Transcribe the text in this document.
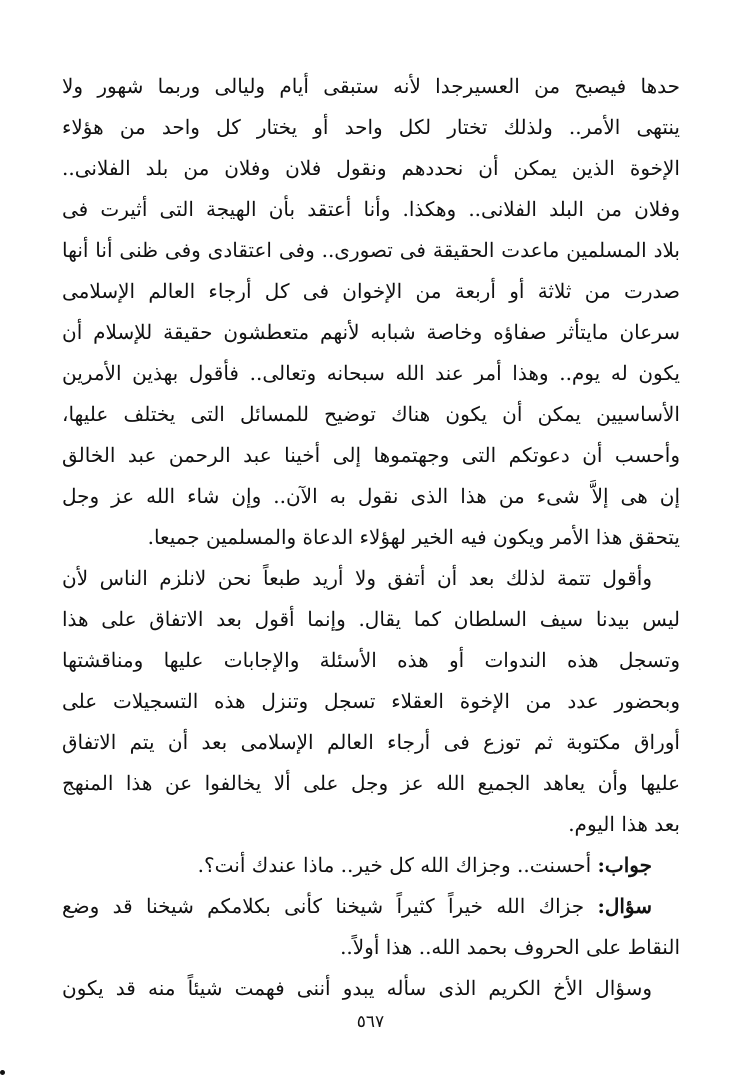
حدها فيصبح من العسيرجدا لأنه ستبقى أيام وليالى وربما شهور ولا
ينتهى الأمر.. ولذلك تختار لكل واحد أو يختار كل واحد من هؤلاء
الإخوة الذين يمكن أن نحددهم ونقول فلان وفلان من بلد الفلانى..
وفلان من البلد الفلانى.. وهكذا. وأنا أعتقد بأن الهيجة التى أثيرت فى
بلاد المسلمين ماعدت الحقيقة فى تصورى.. وفى اعتقادى وفى ظنى أنا أنها
صدرت من ثلاثة أو أربعة من الإخوان فى كل أرجاء العالم الإسلامى
سرعان مايتأثر صفاؤه وخاصة شبابه لأنهم متعطشون حقيقة للإسلام أن
يكون له يوم.. وهذا أمر عند الله سبحانه وتعالى.. فأقول بهذين الأمرين
الأساسيين يمكن أن يكون هناك توضيح للمسائل التى يختلف عليها،
وأحسب أن دعوتكم التى وجهتموها إلى أخينا عبد الرحمن عبد الخالق
إن هى إلاَّ شىء من هذا الذى نقول به الآن.. وإن شاء الله عز وجل
يتحقق هذا الأمر ويكون فيه الخير لهؤلاء الدعاة والمسلمين جميعا.
وأقول تتمة لذلك بعد أن أتفق ولا أريد طبعاً نحن لانلزم الناس لأن
ليس بيدنا سيف السلطان كما يقال. وإنما أقول بعد الاتفاق على هذا
وتسجل هذه الندوات أو هذه الأسئلة والإجابات عليها ومناقشتها
وبحضور عدد من الإخوة العقلاء تسجل وتنزل هذه التسجيلات على
أوراق مكتوبة ثم توزع فى أرجاء العالم الإسلامى بعد أن يتم الاتفاق
عليها وأن يعاهد الجميع الله عز وجل على ألا يخالفوا عن هذا المنهج
بعد هذا اليوم.
جواب: أحسنت.. وجزاك الله كل خير.. ماذا عندك أنت؟.
سؤال: جزاك الله خيراً كثيراً شيخنا كأنى بكلامكم شيخنا قد وضع
النقاط على الحروف بحمد الله.. هذا أولاً..
وسؤال الأخ الكريم الذى سأله يبدو أننى فهمت شيئاً منه قد يكون
٥٦٧
